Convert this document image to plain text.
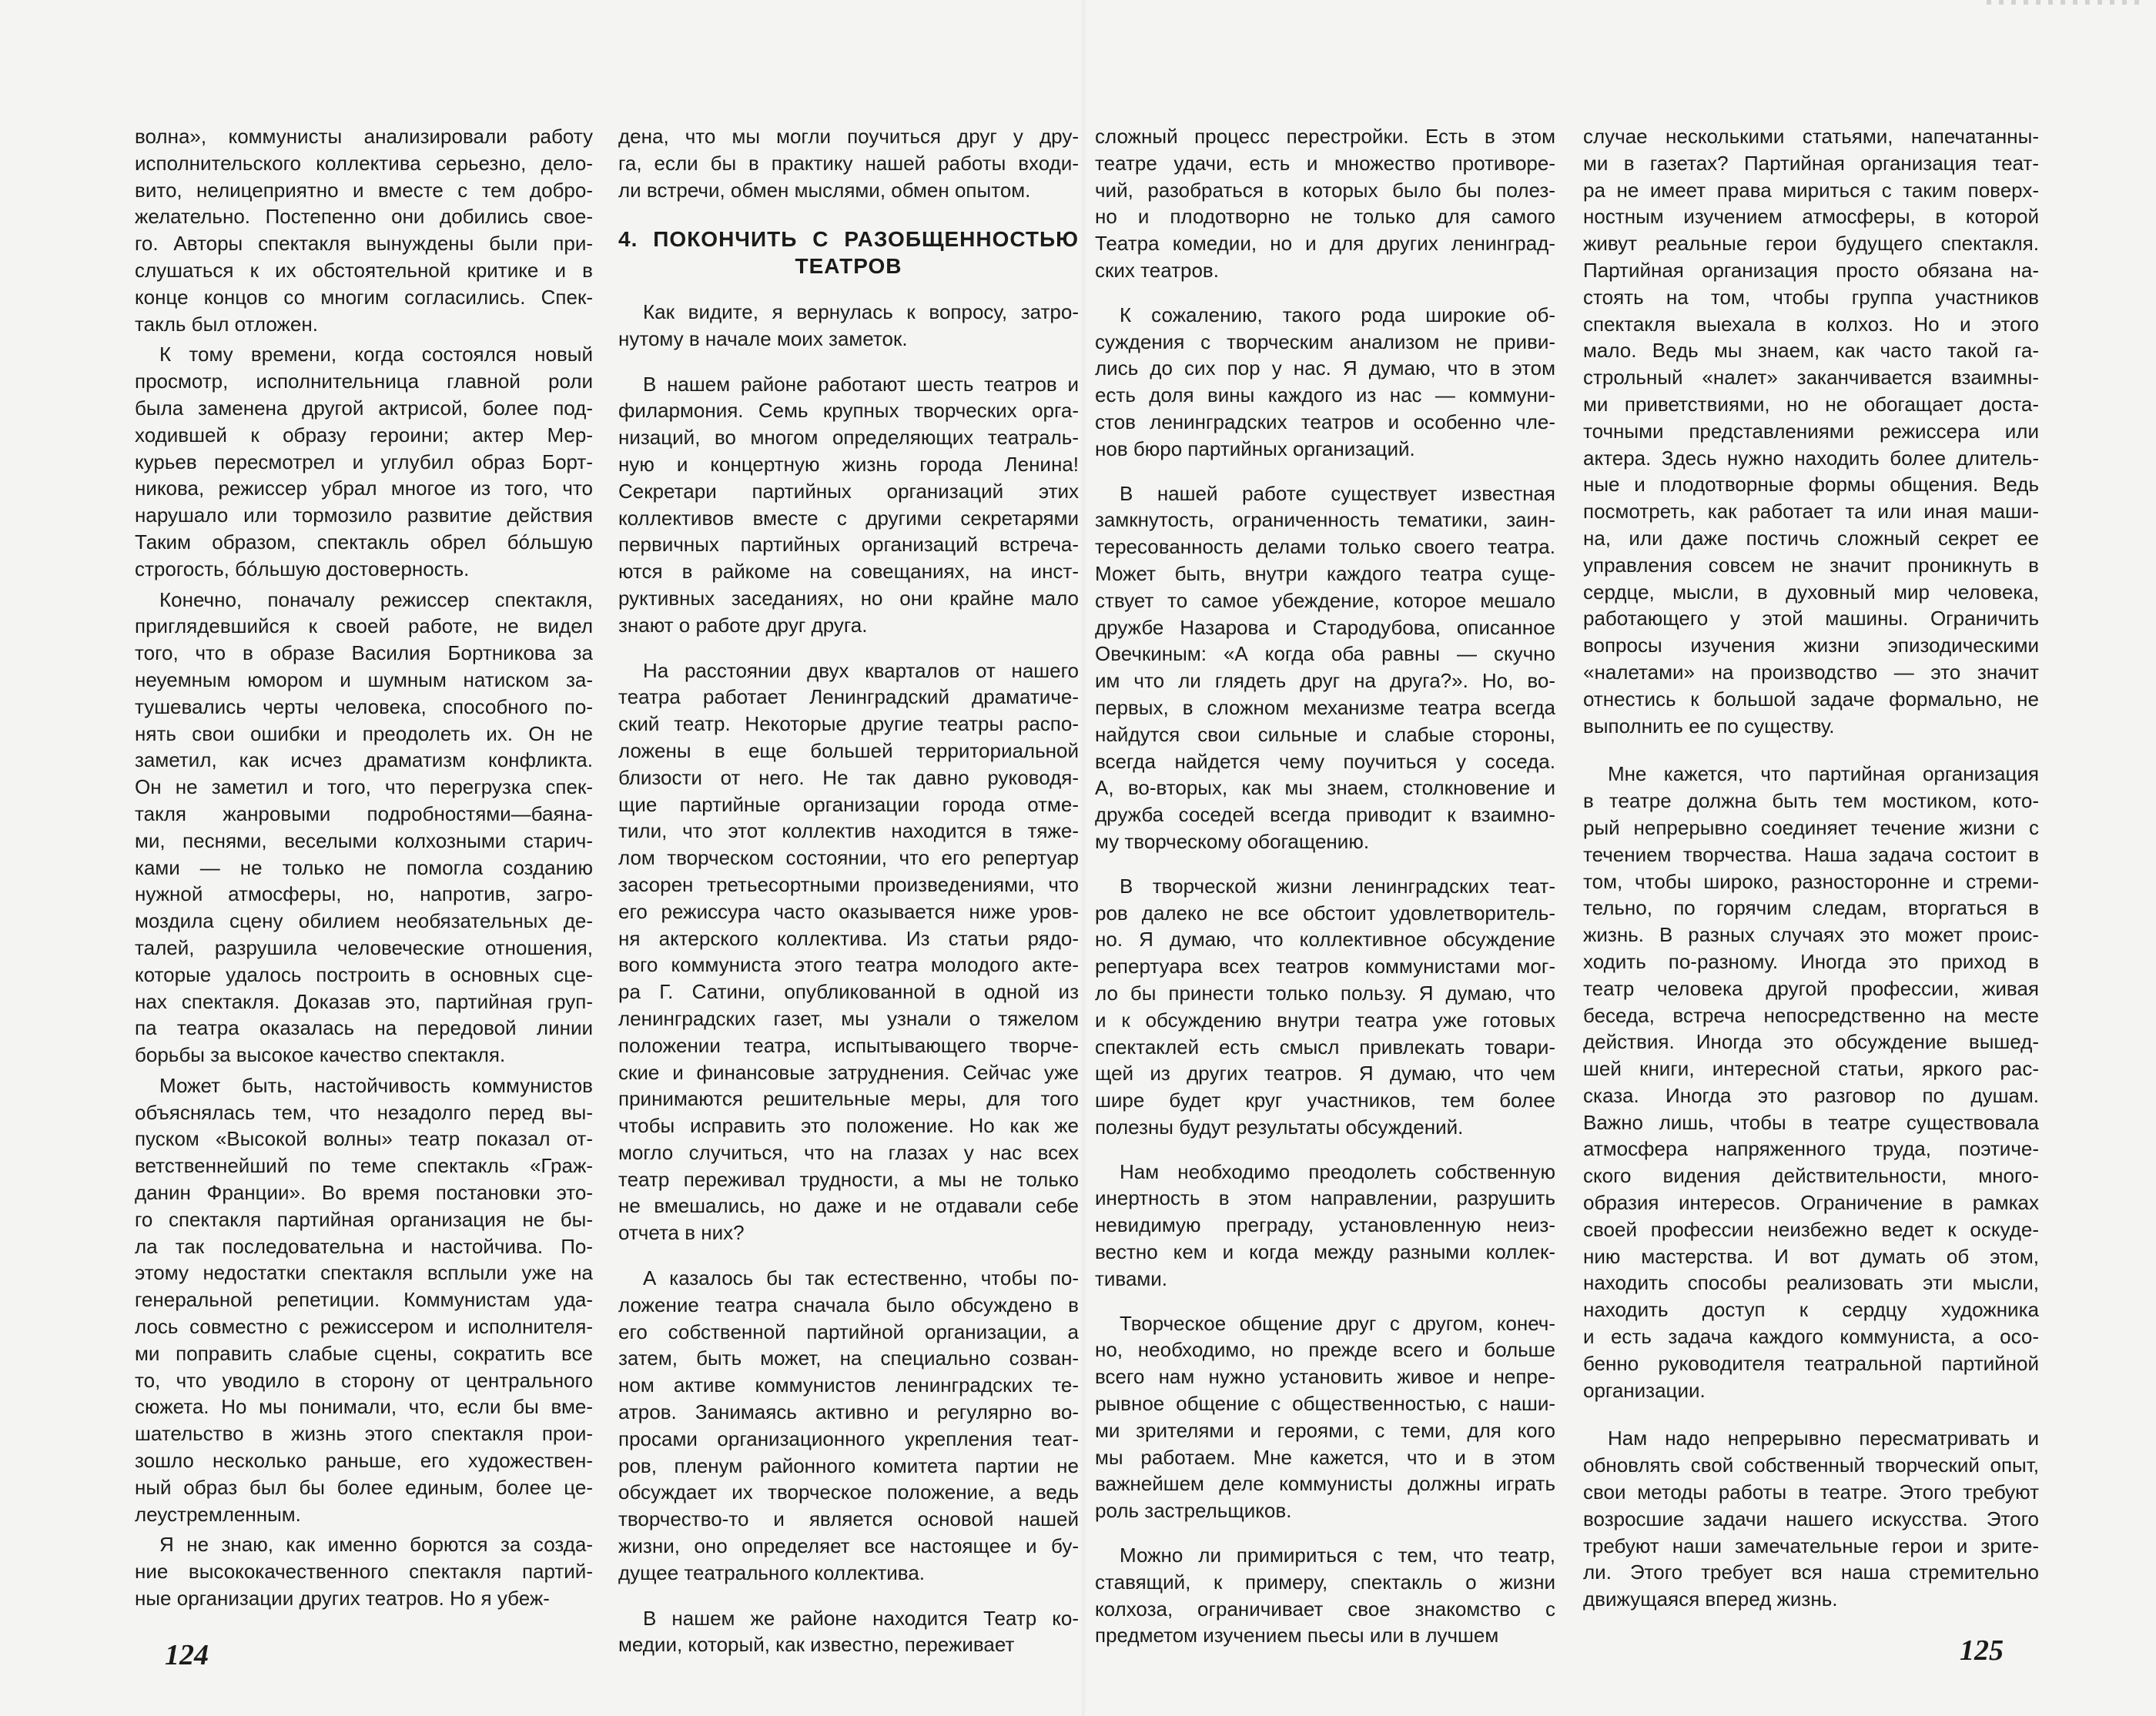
волна», коммунисты анализировали работу
исполнительского коллектива серьезно, дело-
вито, нелицеприятно и вместе с тем добро-
желательно. Постепенно они добились свое-
го. Авторы спектакля вынуждены были при-
слушаться к их обстоятельной критике и в
конце концов со многим согласились. Спек-
такль был отложен.
К тому времени, когда состоялся новый
просмотр, исполнительница главной роли
была заменена другой актрисой, более под-
ходившей к образу героини; актер Мер-
курьев пересмотрел и углубил образ Борт-
никова, режиссер убрал многое из того, что
нарушало или тормозило развитие действия
Таким образом, спектакль обрел бóльшую
строгость, бóльшую достоверность.
Конечно, поначалу режиссер спектакля,
приглядевшийся к своей работе, не видел
того, что в образе Василия Бортникова за
неуемным юмором и шумным натиском за-
тушевались черты человека, способного по-
нять свои ошибки и преодолеть их. Он не
заметил, как исчез драматизм конфликта.
Он не заметил и того, что перегрузка спек-
такля жанровыми подробностями—баяна-
ми, песнями, веселыми колхозными старич-
ками — не только не помогла созданию
нужной атмосферы, но, напротив, загро-
моздила сцену обилием необязательных де-
талей, разрушила человеческие отношения,
которые удалось построить в основных сце-
нах спектакля. Доказав это, партийная груп-
па театра оказалась на передовой линии
борьбы за высокое качество спектакля.
Может быть, настойчивость коммунистов
объяснялась тем, что незадолго перед вы-
пуском «Высокой волны» театр показал от-
ветственнейший по теме спектакль «Граж-
данин Франции». Во время постановки это-
го спектакля партийная организация не бы-
ла так последовательна и настойчива. По-
этому недостатки спектакля всплыли уже на
генеральной репетиции. Коммунистам уда-
лось совместно с режиссером и исполнителя-
ми поправить слабые сцены, сократить все
то, что уводило в сторону от центрального
сюжета. Но мы понимали, что, если бы вме-
шательство в жизнь этого спектакля прои-
зошло несколько раньше, его художествен-
ный образ был бы более единым, более це-
леустремленным.
Я не знаю, как именно борются за созда-
ние высококачественного спектакля партий-
ные организации других театров. Но я убеж-
дена, что мы могли поучиться друг у дру-
га, если бы в практику нашей работы входи-
ли встречи, обмен мыслями, обмен опытом.
4. ПОКОНЧИТЬ С РАЗОБЩЕННОСТЬЮ
ТЕАТРОВ
Как видите, я вернулась к вопросу, затро-
нутому в начале моих заметок.
В нашем районе работают шесть театров и
филармония. Семь крупных творческих орга-
низаций, во многом определяющих театраль-
ную и концертную жизнь города Ленина!
Секретари партийных организаций этих
коллективов вместе с другими секретарями
первичных партийных организаций встреча-
ются в райкоме на совещаниях, на инст-
руктивных заседаниях, но они крайне мало
знают о работе друг друга.
На расстоянии двух кварталов от нашего
театра работает Ленинградский драматиче-
ский театр. Некоторые другие театры распо-
ложены в еще большей территориальной
близости от него. Не так давно руководя-
щие партийные организации города отме-
тили, что этот коллектив находится в тяже-
лом творческом состоянии, что его репертуар
засорен третьесортными произведениями, что
его режиссура часто оказывается ниже уров-
ня актерского коллектива. Из статьи рядо-
вого коммуниста этого театра молодого акте-
ра Г. Сатини, опубликованной в одной из
ленинградских газет, мы узнали о тяжелом
положении театра, испытывающего творче-
ские и финансовые затруднения. Сейчас уже
принимаются решительные меры, для того
чтобы исправить это положение. Но как же
могло случиться, что на глазах у нас всех
театр переживал трудности, а мы не только
не вмешались, но даже и не отдавали себе
отчета в них?
А казалось бы так естественно, чтобы по-
ложение театра сначала было обсуждено в
его собственной партийной организации, а
затем, быть может, на специально созван-
ном активе коммунистов ленинградских те-
атров. Занимаясь активно и регулярно во-
просами организационного укрепления теат-
ров, пленум районного комитета партии не
обсуждает их творческое положение, а ведь
творчество-то и является основой нашей
жизни, оно определяет все настоящее и бу-
дущее театрального коллектива.
В нашем же районе находится Театр ко-
медии, который, как известно, переживает
сложный процесс перестройки. Есть в этом
театре удачи, есть и множество противоре-
чий, разобраться в которых было бы полез-
но и плодотворно не только для самого
Театра комедии, но и для других ленинград-
ских театров.
К сожалению, такого рода широкие об-
суждения с творческим анализом не приви-
лись до сих пор у нас. Я думаю, что в этом
есть доля вины каждого из нас — коммуни-
стов ленинградских театров и особенно чле-
нов бюро партийных организаций.
В нашей работе существует известная
замкнутость, ограниченность тематики, заин-
тересованность делами только своего театра.
Может быть, внутри каждого театра суще-
ствует то самое убеждение, которое мешало
дружбе Назарова и Стародубова, описанное
Овечкиным: «А когда оба равны — скучно
им что ли глядеть друг на друга?». Но, во-
первых, в сложном механизме театра всегда
найдутся свои сильные и слабые стороны,
всегда найдется чему поучиться у соседа.
А, во-вторых, как мы знаем, столкновение и
дружба соседей всегда приводит к взаимно-
му творческому обогащению.
В творческой жизни ленинградских теат-
ров далеко не все обстоит удовлетворитель-
но. Я думаю, что коллективное обсуждение
репертуара всех театров коммунистами мог-
ло бы принести только пользу. Я думаю, что
и к обсуждению внутри театра уже готовых
спектаклей есть смысл привлекать товари-
щей из других театров. Я думаю, что чем
шире будет круг участников, тем более
полезны будут результаты обсуждений.
Нам необходимо преодолеть собственную
инертность в этом направлении, разрушить
невидимую преграду, установленную неиз-
вестно кем и когда между разными коллек-
тивами.
Творческое общение друг с другом, конеч-
но, необходимо, но прежде всего и больше
всего нам нужно установить живое и непре-
рывное общение с общественностью, с наши-
ми зрителями и героями, с теми, для кого
мы работаем. Мне кажется, что и в этом
важнейшем деле коммунисты должны играть
роль застрельщиков.
Можно ли примириться с тем, что театр,
ставящий, к примеру, спектакль о жизни
колхоза, ограничивает свое знакомство с
предметом изучением пьесы или в лучшем
случае несколькими статьями, напечатанны-
ми в газетах? Партийная организация теат-
ра не имеет права мириться с таким поверх-
ностным изучением атмосферы, в которой
живут реальные герои будущего спектакля.
Партийная организация просто обязана на-
стоять на том, чтобы группа участников
спектакля выехала в колхоз. Но и этого
мало. Ведь мы знаем, как часто такой га-
строльный «налет» заканчивается взаимны-
ми приветствиями, но не обогащает доста-
точными представлениями режиссера или
актера. Здесь нужно находить более длитель-
ные и плодотворные формы общения. Ведь
посмотреть, как работает та или иная маши-
на, или даже постичь сложный секрет ее
управления совсем не значит проникнуть в
сердце, мысли, в духовный мир человека,
работающего у этой машины. Ограничить
вопросы изучения жизни эпизодическими
«налетами» на производство — это значит
отнестись к большой задаче формально, не
выполнить ее по существу.
Мне кажется, что партийная организация
в театре должна быть тем мостиком, кото-
рый непрерывно соединяет течение жизни с
течением творчества. Наша задача состоит в
том, чтобы широко, разносторонне и стреми-
тельно, по горячим следам, вторгаться в
жизнь. В разных случаях это может проис-
ходить по-разному. Иногда это приход в
театр человека другой профессии, живая
беседа, встреча непосредственно на месте
действия. Иногда это обсуждение вышед-
шей книги, интересной статьи, яркого рас-
сказа. Иногда это разговор по душам.
Важно лишь, чтобы в театре существовала
атмосфера напряженного труда, поэтиче-
ского видения действительности, много-
образия интересов. Ограничение в рамках
своей профессии неизбежно ведет к оскуде-
нию мастерства. И вот думать об этом,
находить способы реализовать эти мысли,
находить доступ к сердцу художника
и есть задача каждого коммуниста, а осо-
бенно руководителя театральной партийной
организации.
Нам надо непрерывно пересматривать и
обновлять свой собственный творческий опыт,
свои методы работы в театре. Этого требуют
возросшие задачи нашего искусства. Этого
требуют наши замечательные герои и зрите-
ли. Этого требует вся наша стремительно
движущаяся вперед жизнь.
124	125
